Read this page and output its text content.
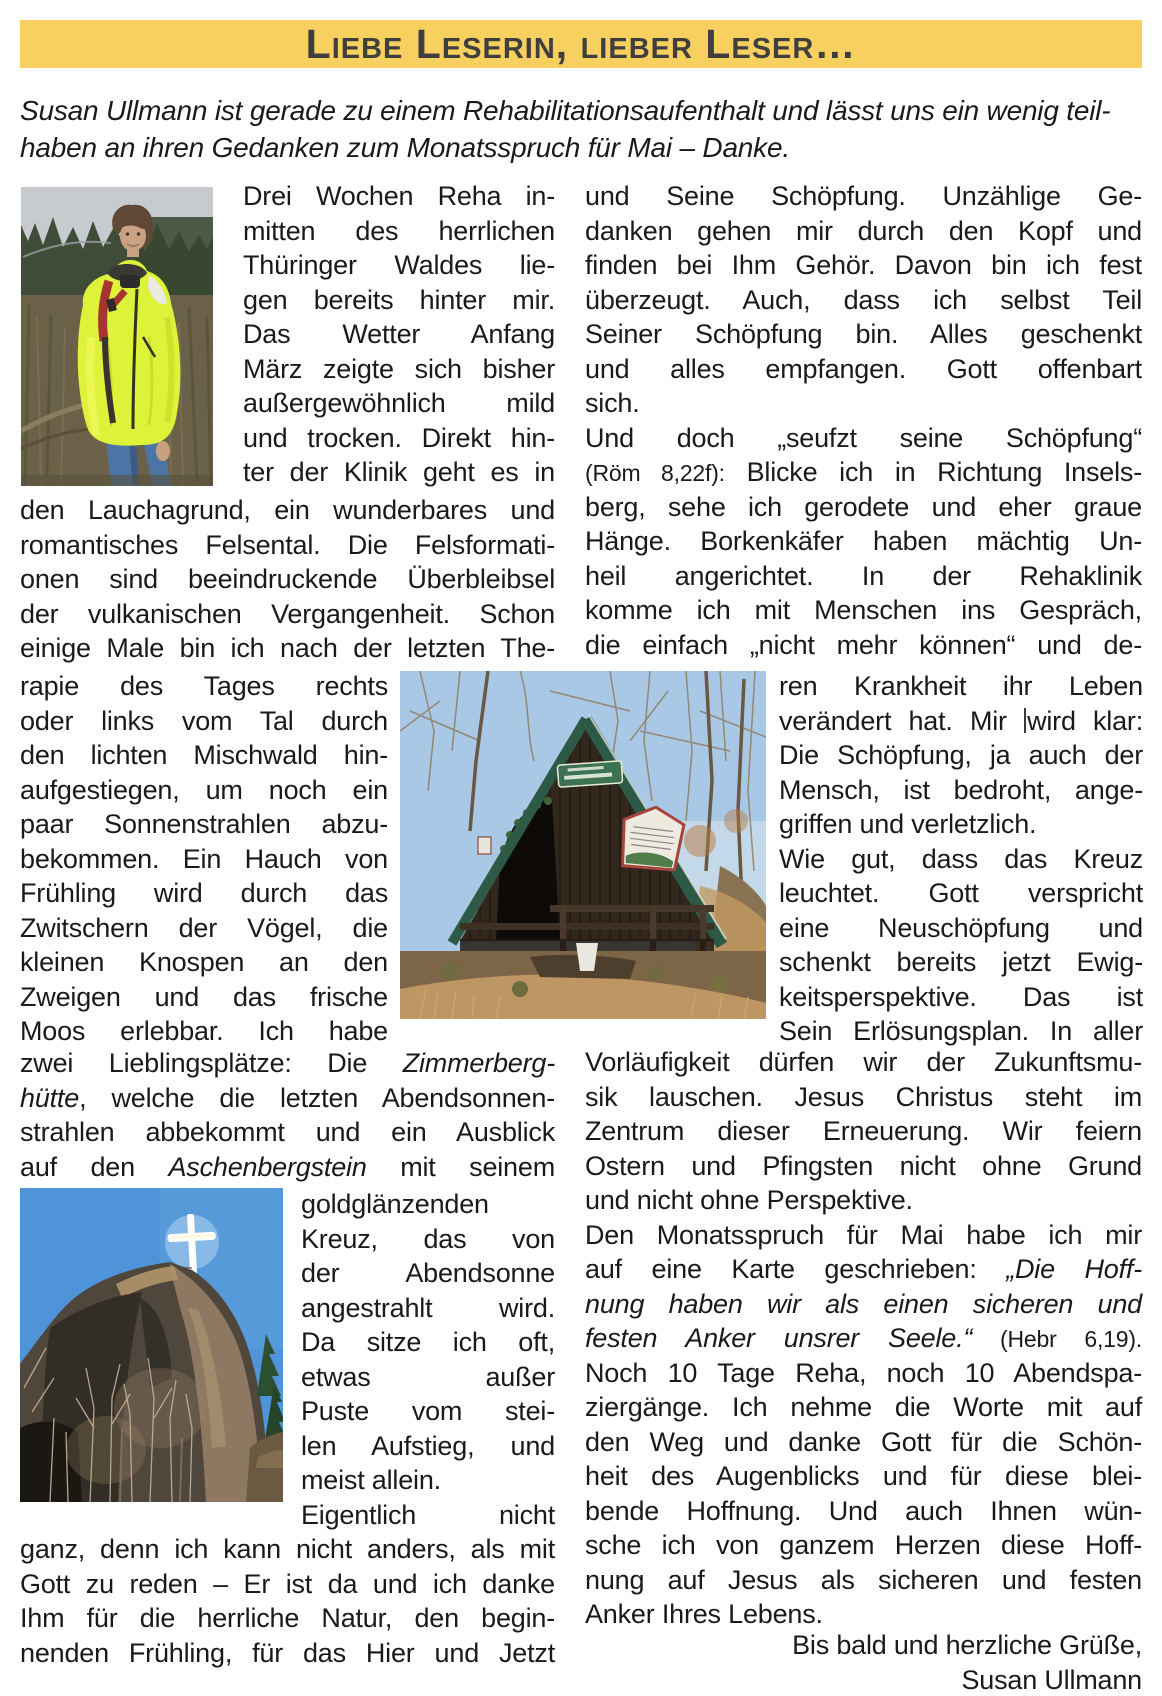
Liebe Leserin, lieber Leser…
Susan Ullmann ist gerade zu einem Rehabilitationsaufenthalt und lässt uns ein wenig teil-
haben an ihren Gedanken zum Monatsspruch für Mai – Danke.
Drei Wochen Reha in-
mitten des herrlichen
Thüringer Waldes lie-
gen bereits hinter mir.
Das Wetter Anfang
März zeigte sich bisher
außergewöhnlich mild
und trocken. Direkt hin-
ter der Klinik geht es in
den Lauchagrund, ein wunderbares und
romantisches Felsental. Die Felsformati-
onen sind beeindruckende Überbleibsel
der vulkanischen Vergangenheit. Schon
einige Male bin ich nach der letzten The-
rapie des Tages rechts
oder links vom Tal durch
den lichten Mischwald hin-
aufgestiegen, um noch ein
paar Sonnenstrahlen abzu-
bekommen. Ein Hauch von
Frühling wird durch das
Zwitschern der Vögel, die
kleinen Knospen an den
Zweigen und das frische
Moos erlebbar. Ich habe
zwei Lieblingsplätze: Die Zimmerberg-
hütte, welche die letzten Abendsonnen-
strahlen abbekommt und ein Ausblick
auf den Aschenbergstein mit seinem
goldglänzenden
Kreuz, das von
der Abendsonne
angestrahlt wird.
Da sitze ich oft,
etwas außer
Puste vom stei-
len Aufstieg, und
meist allein.
Eigentlich nicht
ganz, denn ich kann nicht anders, als mit
Gott zu reden – Er ist da und ich danke
Ihm für die herrliche Natur, den begin-
nenden Frühling, für das Hier und Jetzt
und Seine Schöpfung. Unzählige Ge-
danken gehen mir durch den Kopf und
finden bei Ihm Gehör. Davon bin ich fest
überzeugt. Auch, dass ich selbst Teil
Seiner Schöpfung bin. Alles geschenkt
und alles empfangen. Gott offenbart
sich.
Und doch „seufzt seine Schöpfung“
(Röm 8,22f): Blicke ich in Richtung Insels-
berg, sehe ich gerodete und eher graue
Hänge. Borkenkäfer haben mächtig Un-
heil angerichtet. In der Rehaklinik
komme ich mit Menschen ins Gespräch,
die einfach „nicht mehr können“ und de-
ren Krankheit ihr Leben
verändert hat. Mir wird klar:
Die Schöpfung, ja auch der
Mensch, ist bedroht, ange-
griffen und verletzlich.
Wie gut, dass das Kreuz
leuchtet. Gott verspricht
eine Neuschöpfung und
schenkt bereits jetzt Ewig-
keitsperspektive. Das ist
Sein Erlösungsplan. In aller
Vorläufigkeit dürfen wir der Zukunftsmu-
sik lauschen. Jesus Christus steht im
Zentrum dieser Erneuerung. Wir feiern
Ostern und Pfingsten nicht ohne Grund
und nicht ohne Perspektive.
Den Monatsspruch für Mai habe ich mir
auf eine Karte geschrieben: „Die Hoff-
nung haben wir als einen sicheren und
festen Anker unsrer Seele.“ (Hebr 6,19).
Noch 10 Tage Reha, noch 10 Abendspa-
ziergänge. Ich nehme die Worte mit auf
den Weg und danke Gott für die Schön-
heit des Augenblicks und für diese blei-
bende Hoffnung. Und auch Ihnen wün-
sche ich von ganzem Herzen diese Hoff-
nung auf Jesus als sicheren und festen
Anker Ihres Lebens.
Bis bald und herzliche Grüße,
Susan Ullmann
